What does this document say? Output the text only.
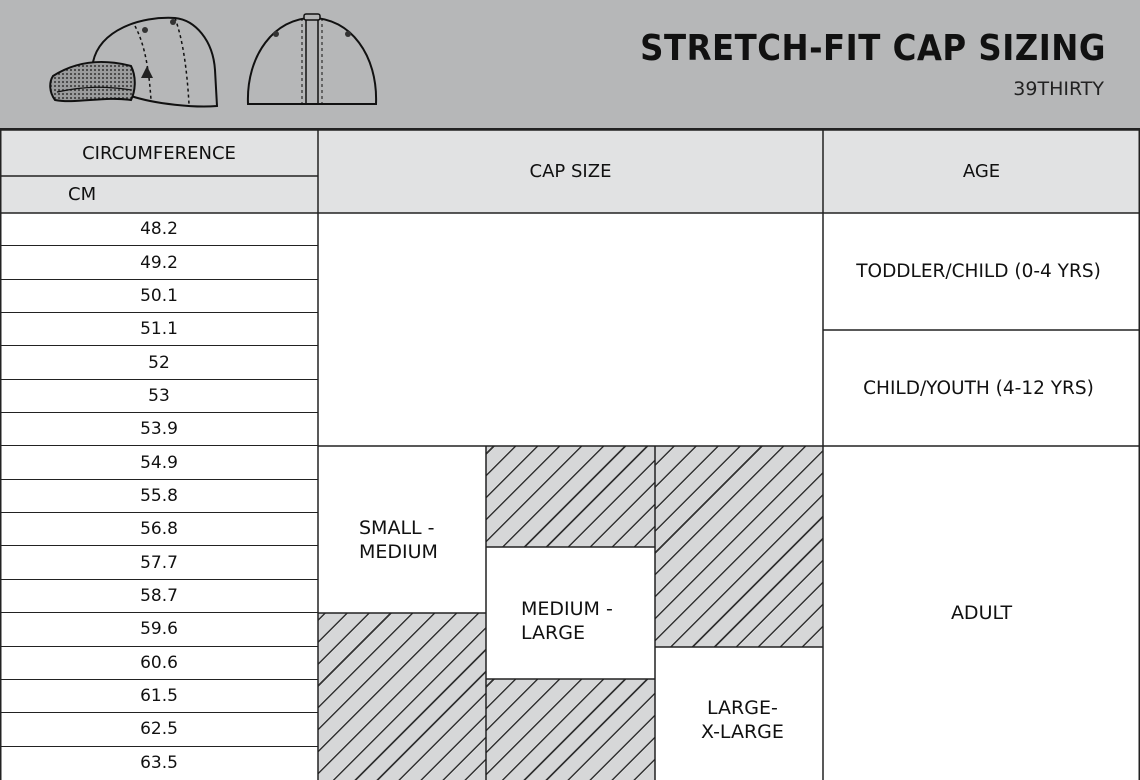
STRETCH-FIT CAP SIZING
39THIRTY
CIRCUMFERENCE
CM
CAP SIZE	AGE
48.2
49.2
50.1
51.1
52
53
53.9
54.9
55.8
56.8
57.7
58.7
59.6
60.6
61.5
62.5
63.5
SMALL -
MEDIUM
MEDIUM -
LARGE
LARGE-
X-LARGE
TODDLER/CHILD (0-4 YRS)
CHILD/YOUTH (4-12 YRS)
ADULT
